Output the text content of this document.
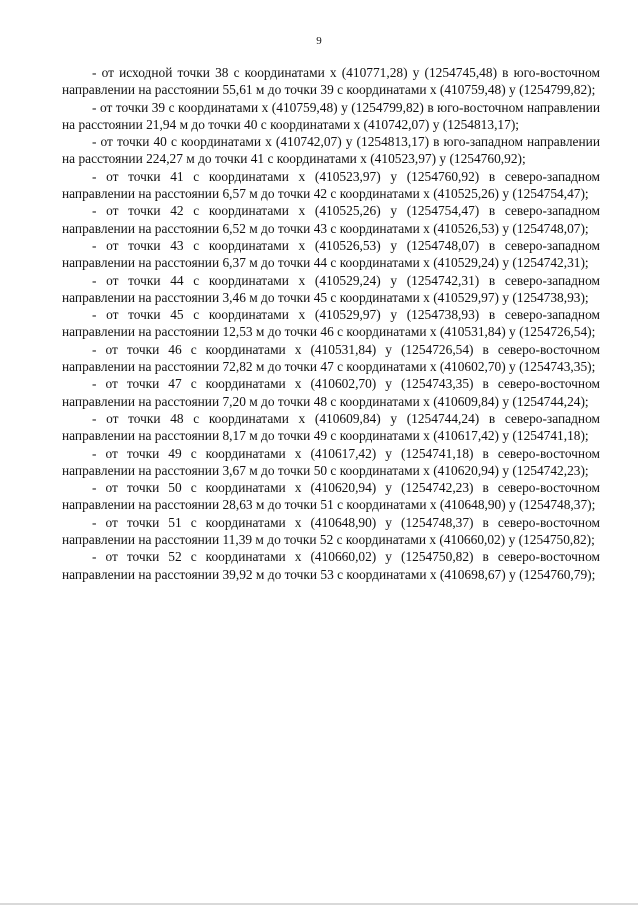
9

- от исходной точки 38 с координатами х (410771,28) у (1254745,48) в юго-восточном направлении на расстоянии 55,61 м до точки 39 с координатами х (410759,48) у (1254799,82);

- от точки 39 с координатами х (410759,48) у (1254799,82) в юго-восточном направлении на расстоянии 21,94 м до точки 40 с координатами х (410742,07) у (1254813,17);

- от точки 40 с координатами х (410742,07) у (1254813,17) в юго-западном направлении на расстоянии 224,27 м до точки 41 с координатами х (410523,97) у (1254760,92);

- от точки 41 с координатами х (410523,97) у (1254760,92) в северо-западном направлении на расстоянии 6,57 м до точки 42 с координатами х (410525,26) у (1254754,47);

- от точки 42 с координатами х (410525,26) у (1254754,47) в северо-западном направлении на расстоянии 6,52 м до точки 43 с координатами х (410526,53) у (1254748,07);

- от точки 43 с координатами х (410526,53) у (1254748,07) в северо-западном направлении на расстоянии 6,37 м до точки 44 с координатами х (410529,24) у (1254742,31);

- от точки 44 с координатами х (410529,24) у (1254742,31) в северо-западном направлении на расстоянии 3,46 м до точки 45 с координатами х (410529,97) у (1254738,93);

- от точки 45 с координатами х (410529,97) у (1254738,93) в северо-западном направлении на расстоянии 12,53 м до точки 46 с координатами х (410531,84) у (1254726,54);

- от точки 46 с координатами х (410531,84) у (1254726,54) в северо-восточном направлении на расстоянии 72,82 м до точки 47 с координатами х (410602,70) у (1254743,35);

- от точки 47 с координатами х (410602,70) у (1254743,35) в северо-восточном направлении на расстоянии 7,20 м до точки 48 с координатами х (410609,84) у (1254744,24);

- от точки 48 с координатами х (410609,84) у (1254744,24) в северо-западном направлении на расстоянии 8,17 м до точки 49 с координатами х (410617,42) у (1254741,18);

- от точки 49 с координатами х (410617,42) у (1254741,18) в северо-восточном направлении на расстоянии 3,67 м до точки 50 с координатами х (410620,94) у (1254742,23);

- от точки 50 с координатами х (410620,94) у (1254742,23) в северо-восточном направлении на расстоянии 28,63 м до точки 51 с координатами х (410648,90) у (1254748,37);

- от точки 51 с координатами х (410648,90) у (1254748,37) в северо-восточном направлении на расстоянии 11,39 м до точки 52 с координатами х (410660,02) у (1254750,82);

- от точки 52 с координатами х (410660,02) у (1254750,82) в северо-восточном направлении на расстоянии 39,92 м до точки 53 с координатами х (410698,67) у (1254760,79);
